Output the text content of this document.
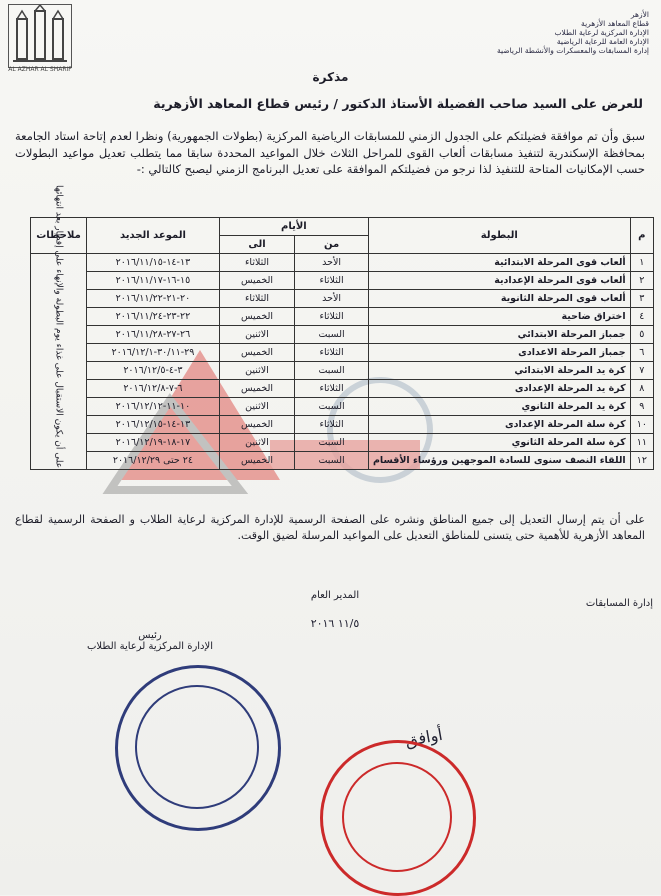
AL AZHAR AL SHARIF
الأزهر
قطاع المعاهد الأزهرية
الإدارة المركزية لرعاية الطلاب
الإدارة العامة للرعاية الرياضية
إدارة المسابقات والمعسكرات والأنشطة الرياضية
مذكرة
للعرض على السيد صاحب الفضيلة الأستاذ الدكتور / رئيس قطاع المعاهد الأزهرية
سبق وأن تم موافقة فضيلتكم على الجدول الزمني للمسابقات الرياضية المركزية (بطولات الجمهورية) ونظرا لعدم إتاحة استاد الجامعة بمحافظة الإسكندرية لتنفيذ مسابقات ألعاب القوى للمراحل الثلاث خلال المواعيد المحددة سابقا مما يتطلب تعديل مواعيد البطولات حسب الإمكانيات المتاحة للتنفيذ لذا نرجو من فضيلتكم الموافقة على تعديل البرنامج الزمني ليصبح كالتالي :-
م	البطولة	الأيام		الموعد الجديد	ملاحظات
		من	الى		
١	ألعاب قوى المرحلة الابتدائية	الأحد	الثلاثاء	١٣-١٤-٢٠١٦/١١/١٥	على أن يكون الاستقبال على غذاء يوم البطولة والإنهاء على إفطار بعد انتهائها
٢	ألعاب قوى المرحلة الإعدادية	الثلاثاء	الخميس	١٥-١٦-٢٠١٦/١١/١٧	
٣	ألعاب قوى المرحلة الثانوية	الأحد	الثلاثاء	٢٠-٢١-٢٠١٦/١١/٢٢	
٤	اختراق ضاحية	الثلاثاء	الخميس	٢٢-٢٣-٢٠١٦/١١/٢٤	
٥	جمباز المرحلة الابتدائي	السبت	الاثنين	٢٦-٢٧-٢٠١٦/١١/٢٨	
٦	جمباز المرحلة الاعدادى	الثلاثاء	الخميس	٢٩-٣٠/١١-٢٠١٦/١٢/١	
٧	كرة يد المرحلة الابتدائي	السبت	الاثنين	٣-٤-٢٠١٦/١٢/٥	
٨	كرة يد المرحلة الإعدادى	الثلاثاء	الخميس	٦-٧-٢٠١٦/١٢/٨	
٩	كرة يد المرحلة الثانوي	السبت	الاثنين	١٠-١١-٢٠١٦/١٢/١٢	
١٠	كرة سلة المرحلة الإعدادى	الثلاثاء	الخميس	١٣-١٤-٢٠١٦/١٢/١٥	
١١	كرة سلة المرحلة الثانوي	السبت	الاثنين	١٧-١٨-٢٠١٦/١٢/١٩	
١٢	اللقاء النصف سنوى للسادة الموجهين ورؤساء الأقسام	السبت	الخميس	٢٤ حتى ٢٠١٦/١٢/٢٩	
على أن يتم إرسال التعديل إلى جميع المناطق ونشره على الصفحة الرسمية للإدارة المركزية لرعاية الطلاب و الصفحة الرسمية لقطاع المعاهد الأزهرية للأهمية حتى يتسنى للمناطق التعديل على المواعيد المرسلة لضيق الوقت.
المدير العام
١١/٥ ٢٠١٦
رئيس
الإدارة المركزية لرعاية الطلاب
إدارة المسابقات
أوافق
